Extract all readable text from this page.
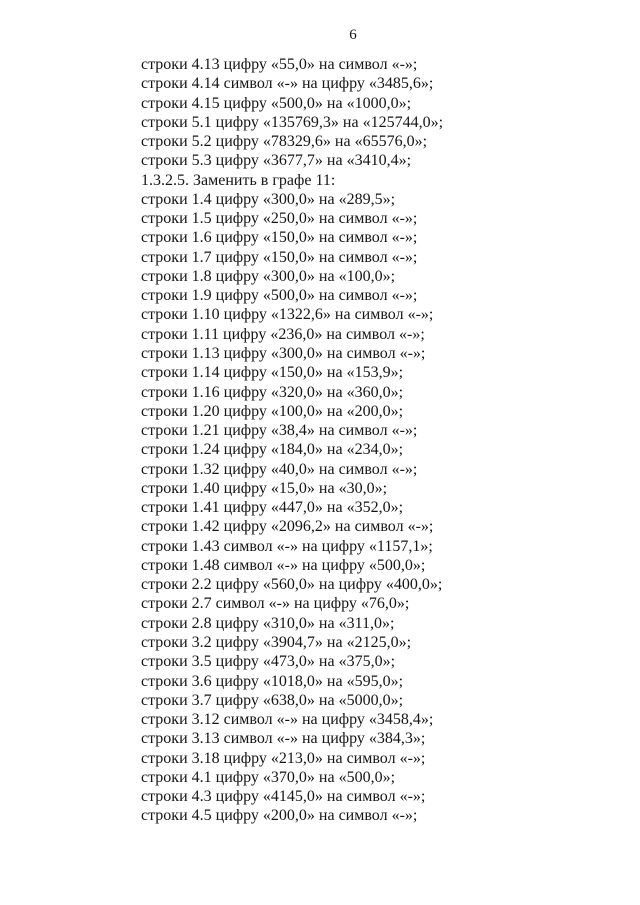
6
строки 4.13 цифру «55,0» на символ «-»;
строки 4.14 символ «-» на цифру «3485,6»;
строки 4.15 цифру «500,0» на «1000,0»;
строки 5.1 цифру «135769,3» на «125744,0»;
строки 5.2 цифру «78329,6» на «65576,0»;
строки 5.3 цифру «3677,7» на «3410,4»;
1.3.2.5. Заменить в графе 11:
строки 1.4 цифру «300,0» на «289,5»;
строки 1.5 цифру «250,0» на символ «-»;
строки 1.6 цифру «150,0» на символ «-»;
строки 1.7 цифру «150,0» на символ «-»;
строки 1.8 цифру «300,0» на «100,0»;
строки 1.9 цифру «500,0» на символ «-»;
строки 1.10 цифру «1322,6» на символ «-»;
строки 1.11 цифру «236,0» на символ «-»;
строки 1.13 цифру «300,0» на символ «-»;
строки 1.14 цифру «150,0» на «153,9»;
строки 1.16 цифру «320,0» на «360,0»;
строки 1.20 цифру «100,0» на «200,0»;
строки 1.21 цифру «38,4» на символ «-»;
строки 1.24 цифру «184,0» на «234,0»;
строки 1.32 цифру «40,0» на символ «-»;
строки 1.40 цифру «15,0» на «30,0»;
строки 1.41 цифру «447,0» на «352,0»;
строки 1.42 цифру «2096,2» на символ «-»;
строки 1.43 символ «-» на цифру «1157,1»;
строки 1.48 символ «-» на цифру «500,0»;
строки 2.2 цифру «560,0» на цифру «400,0»;
строки 2.7 символ «-» на цифру «76,0»;
строки 2.8 цифру «310,0» на «311,0»;
строки 3.2 цифру «3904,7» на «2125,0»;
строки 3.5 цифру «473,0» на «375,0»;
строки 3.6 цифру «1018,0» на «595,0»;
строки 3.7 цифру «638,0» на «5000,0»;
строки 3.12 символ «-» на цифру «3458,4»;
строки 3.13 символ «-» на цифру «384,3»;
строки 3.18 цифру «213,0» на символ «-»;
строки 4.1 цифру «370,0» на «500,0»;
строки 4.3 цифру «4145,0» на символ «-»;
строки 4.5 цифру «200,0» на символ «-»;
